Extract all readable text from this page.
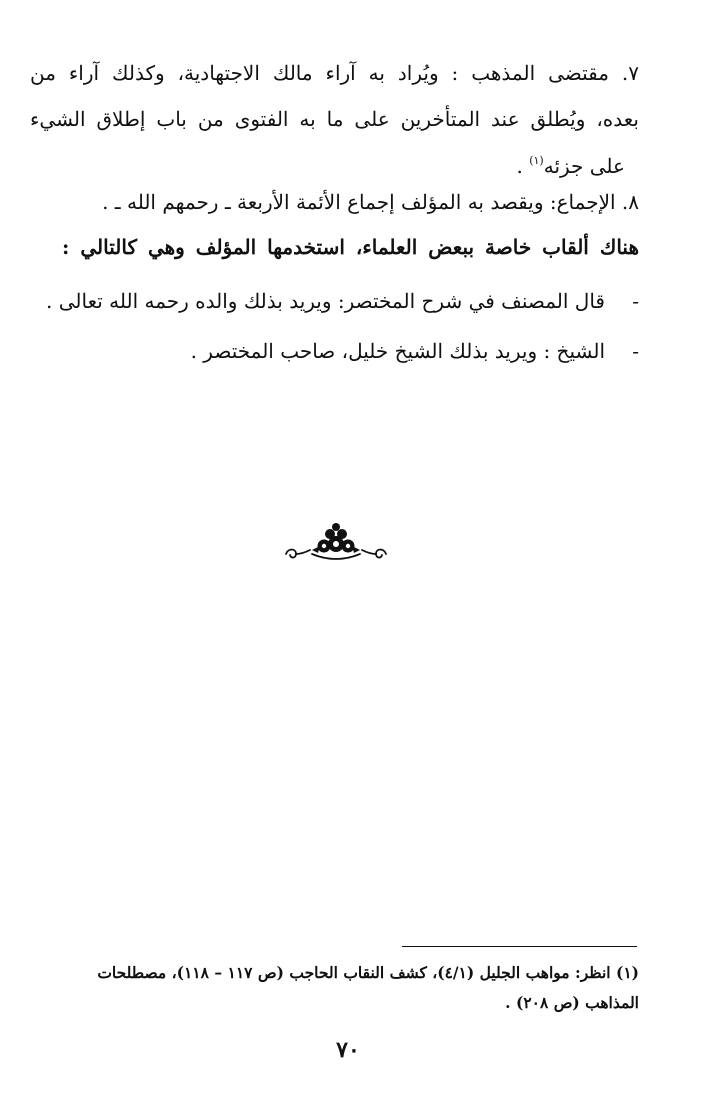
٧. مقتضى المذهب : ويُراد به آراء مالك الاجتهادية، وكذلك آراء من
بعده، ويُطلق عند المتأخرين على ما به الفتوى من باب إطلاق الشيء
على جزئه$^{(١)}$ .
٨. الإجماع: ويقصد به المؤلف إجماع الأئمة الأربعة ـ رحمهم الله ـ .
هناك ألقاب خاصة ببعض العلماء، استخدمها المؤلف وهي كالتالي :
-قال المصنف في شرح المختصر: ويريد بذلك والده رحمه الله تعالى .
-الشيخ : ويريد بذلك الشيخ خليل، صاحب المختصر .
(١) انظر: مواهب الجليل (٤/١)، كشف النقاب الحاجب (ص ١١٧ – ١١٨)، مصطلحات
المذاهب (ص ٢٠٨) .
٧٠
